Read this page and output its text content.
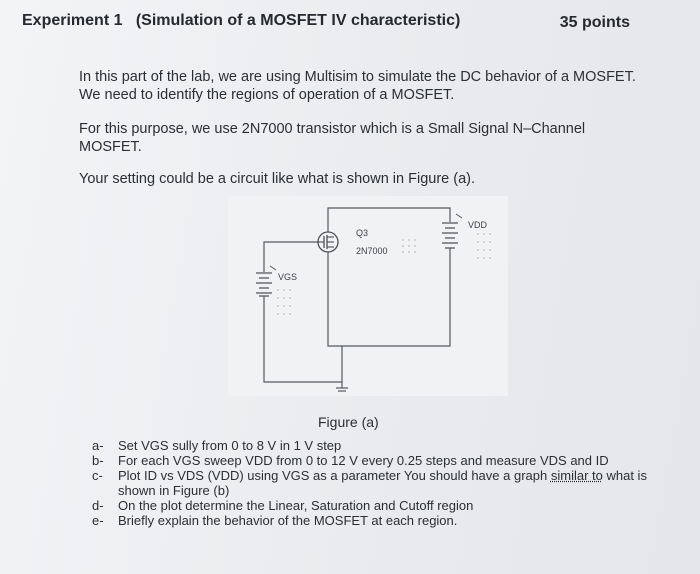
Experiment 1   (Simulation of a MOSFET IV characteristic)	35 points
In this part of the lab, we are using Multisim to simulate the DC behavior of a MOSFET. We need to identify the regions of operation of a MOSFET.
For this purpose, we use 2N7000 transistor which is a Small Signal N–Channel MOSFET.
Your setting could be a circuit like what is shown in Figure (a).
Q3
2N7000
VDD
VGS
Figure (a)
a- Set VGS sully from 0 to 8 V in 1 V step
b- For each VGS sweep VDD from 0 to 12 V every 0.25 steps and measure VDS and ID
c- Plot ID vs VDS (VDD) using VGS as a parameter You should have a graph similar to what is shown in Figure (b)
d- On the plot determine the Linear, Saturation and Cutoff region
e- Briefly explain the behavior of the MOSFET at each region.
